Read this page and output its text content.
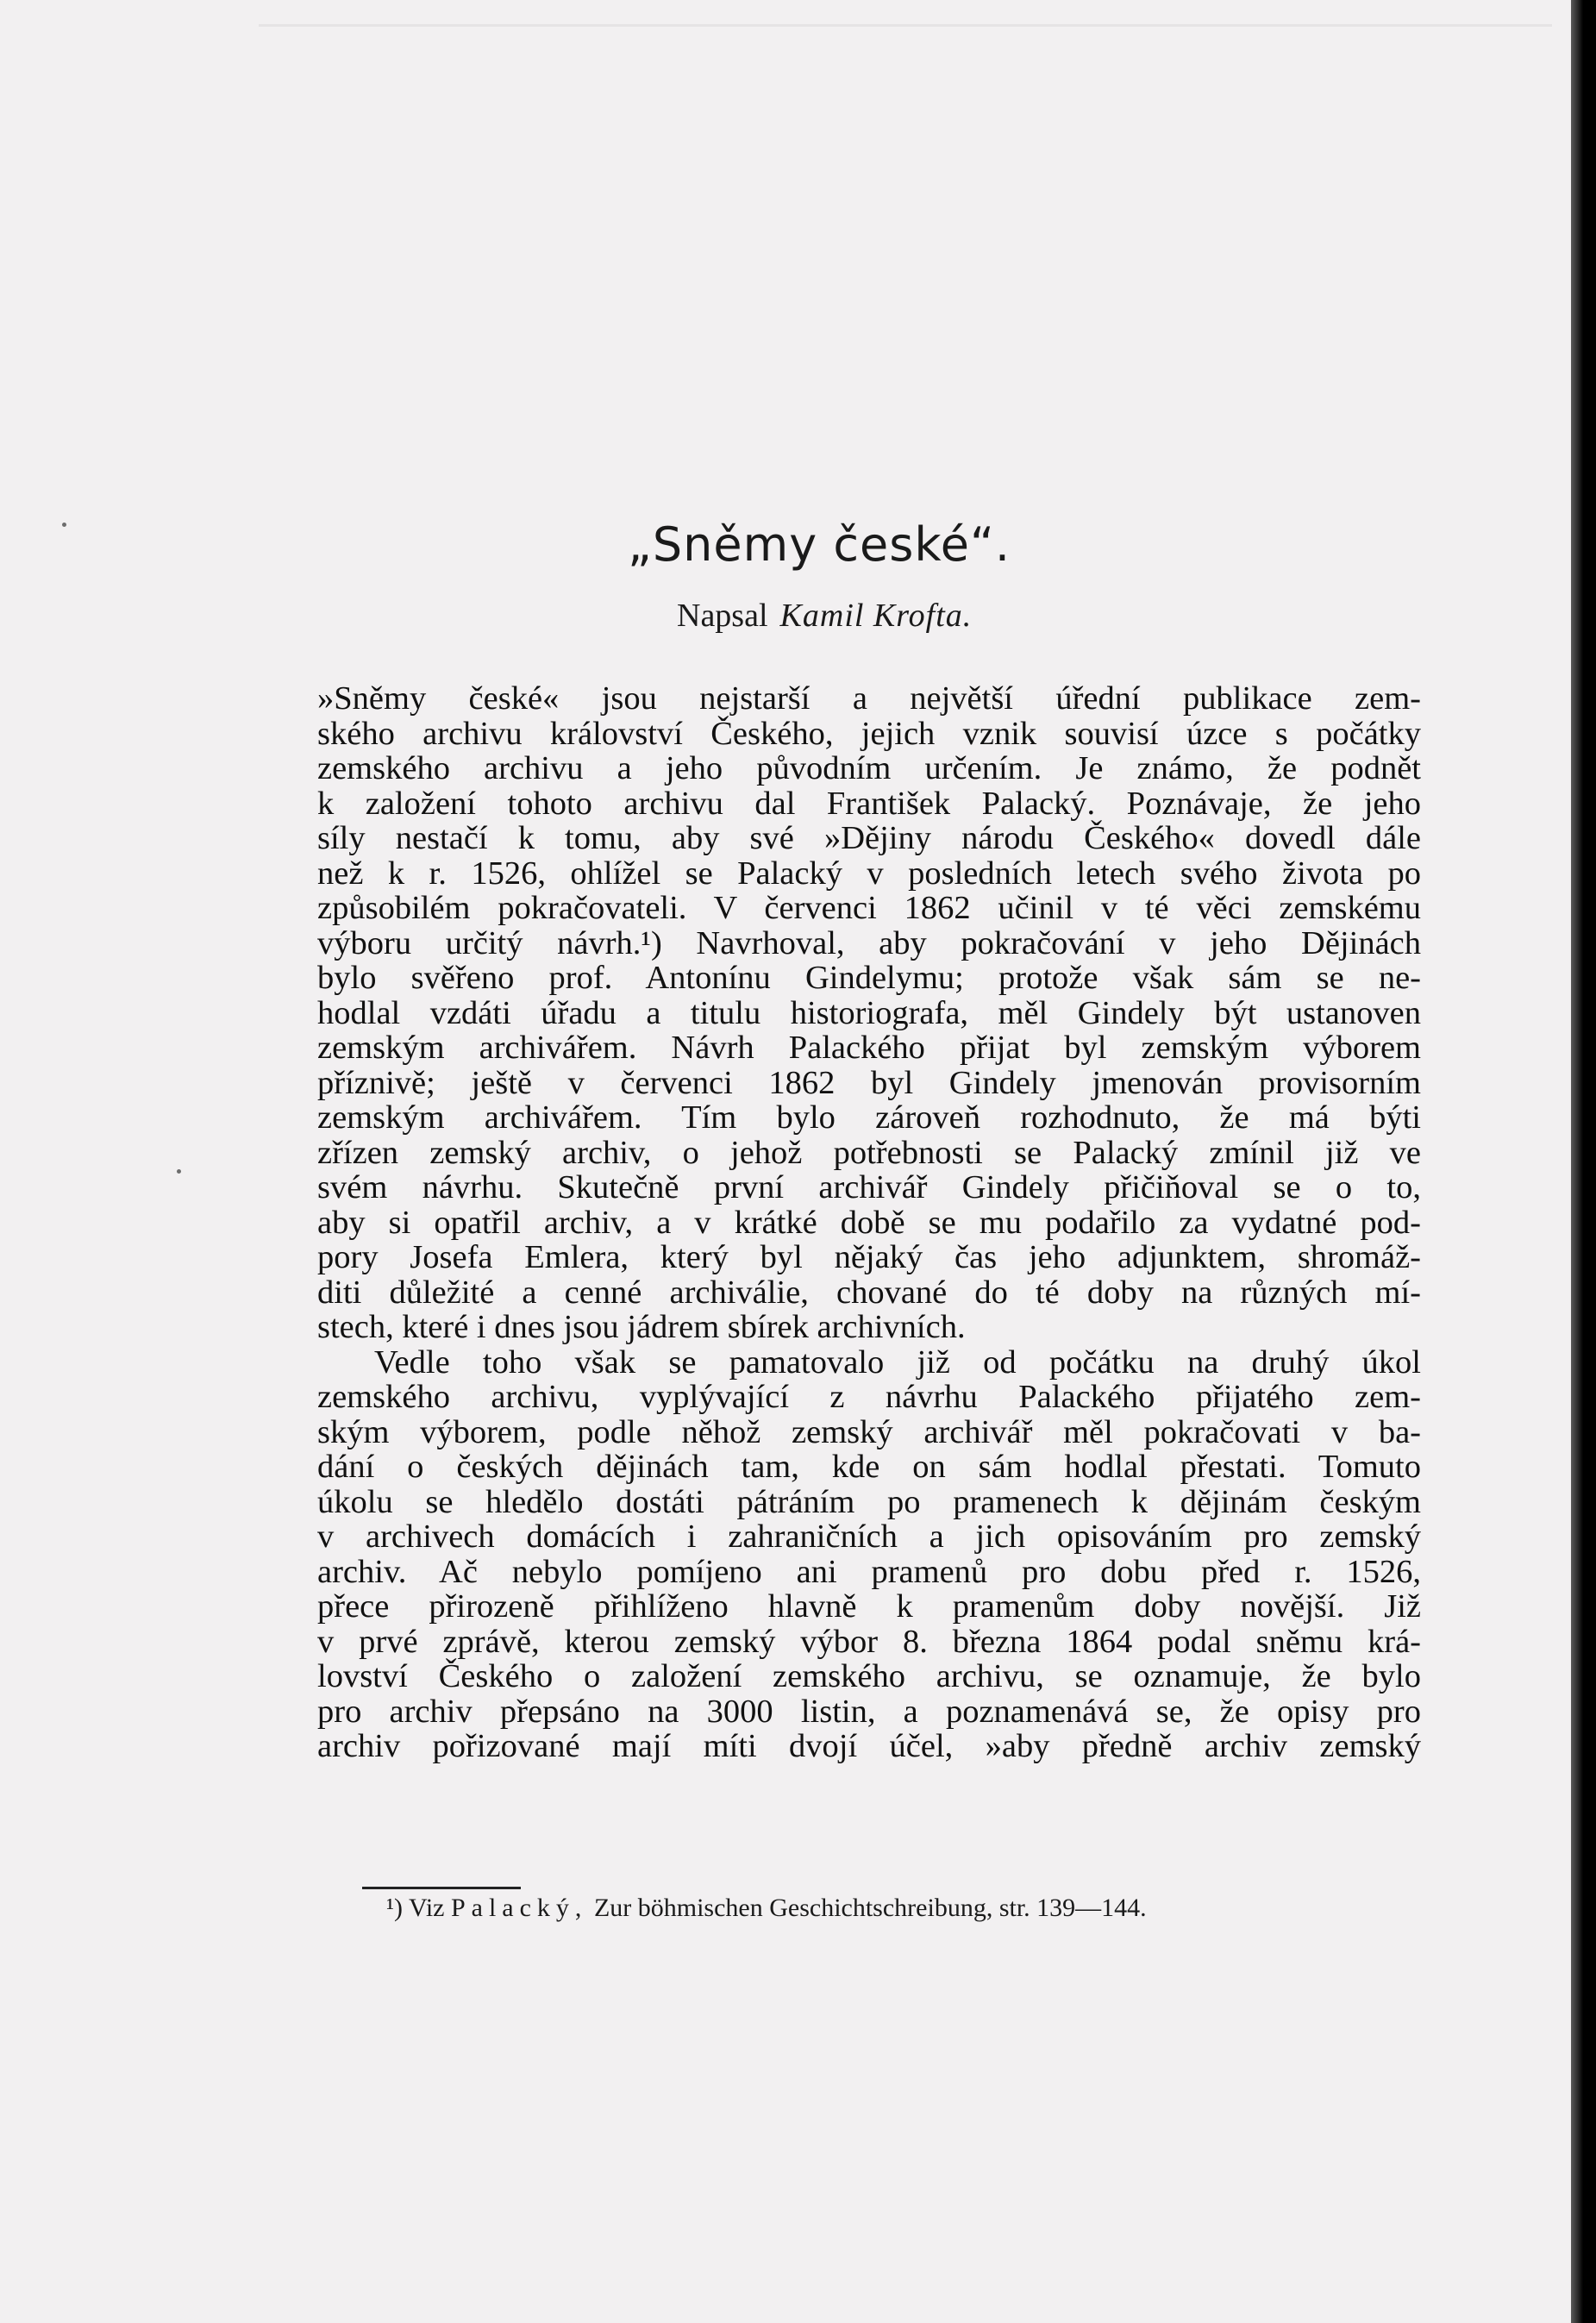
„Sněmy české“.
Napsal Kamil Krofta.
»Sněmy české« jsou nejstarší a největší úřední publikace zem-
ského archivu království Českého, jejich vznik souvisí úzce s počátky
zemského archivu a jeho původním určením. Je známo, že podnět
k založení tohoto archivu dal František Palacký. Poznávaje, že jeho
síly nestačí k tomu, aby své »Dějiny národu Českého« dovedl dále
než k r. 1526, ohlížel se Palacký v posledních letech svého života po
způsobilém pokračovateli. V červenci 1862 učinil v té věci zemskému
výboru určitý návrh.¹) Navrhoval, aby pokračování v jeho Dějinách
bylo svěřeno prof. Antonínu Gindelymu; protože však sám se ne-
hodlal vzdáti úřadu a titulu historiografa, měl Gindely být ustanoven
zemským archivářem. Návrh Palackého přijat byl zemským výborem
příznivě; ještě v červenci 1862 byl Gindely jmenován provisorním
zemským archivářem. Tím bylo zároveň rozhodnuto, že má býti
zřízen zemský archiv, o jehož potřebnosti se Palacký zmínil již ve
svém návrhu. Skutečně první archivář Gindely přičiňoval se o to,
aby si opatřil archiv, a v krátké době se mu podařilo za vydatné pod-
pory Josefa Emlera, který byl nějaký čas jeho adjunktem, shromáž-
diti důležité a cenné archiválie, chované do té doby na různých mí-
stech, které i dnes jsou jádrem sbírek archivních.
Vedle toho však se pamatovalo již od počátku na druhý úkol
zemského archivu, vyplývající z návrhu Palackého přijatého zem-
ským výborem, podle něhož zemský archivář měl pokračovati v ba-
dání o českých dějinách tam, kde on sám hodlal přestati. Tomuto
úkolu se hledělo dostáti pátráním po pramenech k dějinám českým
v archivech domácích i zahraničních a jich opisováním pro zemský
archiv. Ač nebylo pomíjeno ani pramenů pro dobu před r. 1526,
přece přirozeně přihlíženo hlavně k pramenům doby novější. Již
v prvé zprávě, kterou zemský výbor 8. března 1864 podal sněmu krá-
lovství Českého o založení zemského archivu, se oznamuje, že bylo
pro archiv přepsáno na 3000 listin, a poznamenává se, že opisy pro
archiv pořizované mají míti dvojí účel, »aby předně archiv zemský
¹) Viz Palacký, Zur böhmischen Geschichtschreibung, str. 139—144.
